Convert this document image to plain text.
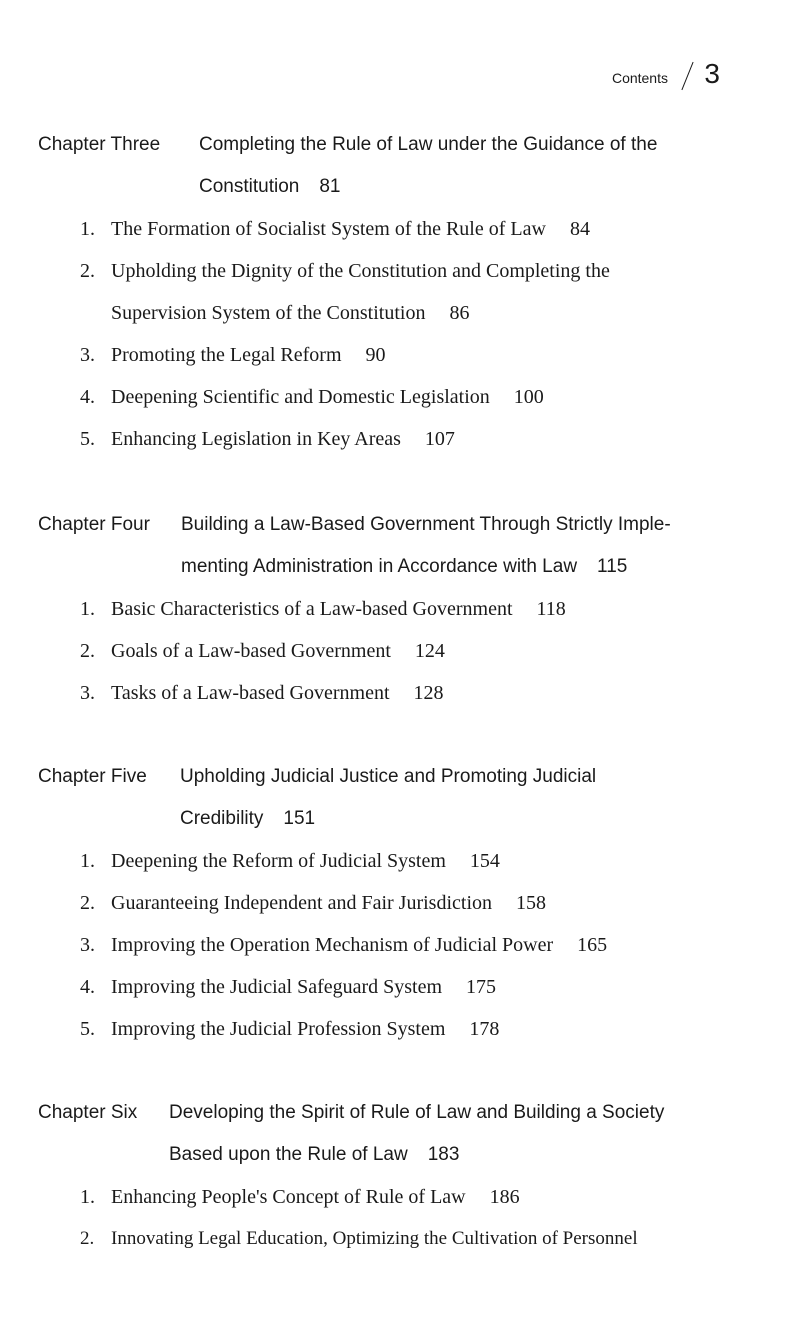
Contents 3
Chapter Three Completing the Rule of Law under the Guidance of the
Constitution 81
1. The Formation of Socialist System of the Rule of Law 84
2. Upholding the Dignity of the Constitution and Completing the
Supervision System of the Constitution 86
3. Promoting the Legal Reform 90
4. Deepening Scientific and Domestic Legislation 100
5. Enhancing Legislation in Key Areas 107
Chapter Four Building a Law-Based Government Through Strictly Imple-
menting Administration in Accordance with Law 115
1. Basic Characteristics of a Law-based Government 118
2. Goals of a Law-based Government 124
3. Tasks of a Law-based Government 128
Chapter Five Upholding Judicial Justice and Promoting Judicial
Credibility 151
1. Deepening the Reform of Judicial System 154
2. Guaranteeing Independent and Fair Jurisdiction 158
3. Improving the Operation Mechanism of Judicial Power 165
4. Improving the Judicial Safeguard System 175
5. Improving the Judicial Profession System 178
Chapter Six Developing the Spirit of Rule of Law and Building a Society
Based upon the Rule of Law 183
1. Enhancing People's Concept of Rule of Law 186
2. Innovating Legal Education, Optimizing the Cultivation of Personnel
